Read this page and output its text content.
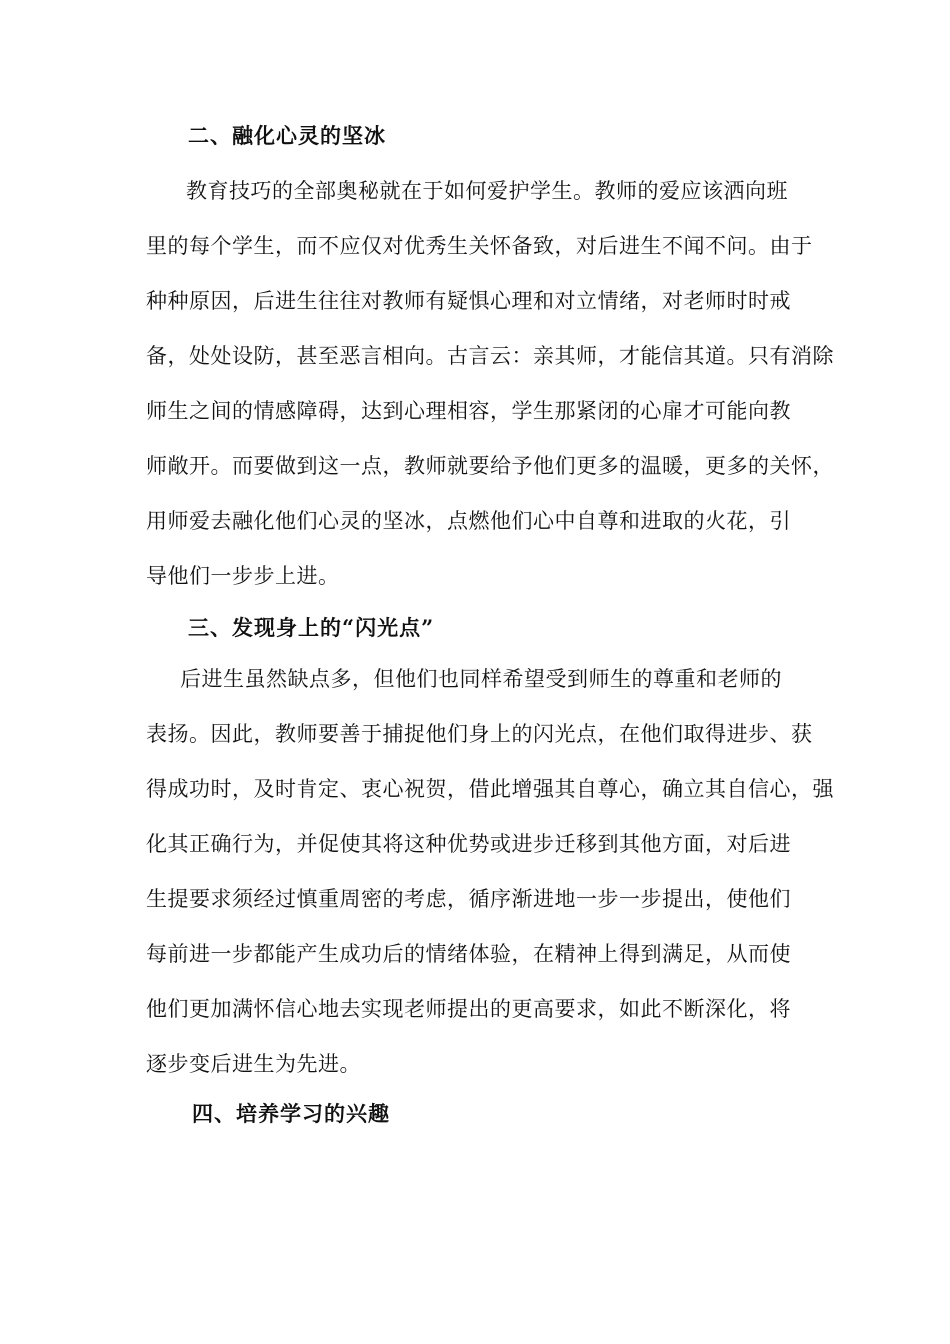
二、融化心灵的坚冰
教育技巧的全部奥秘就在于如何爱护学生。教师的爱应该洒向班
里的每个学生，而不应仅对优秀生关怀备致，对后进生不闻不问。由于
种种原因，后进生往往对教师有疑惧心理和对立情绪，对老师时时戒
备，处处设防，甚至恶言相向。古言云：亲其师，才能信其道。只有消除
师生之间的情感障碍，达到心理相容，学生那紧闭的心扉才可能向教
师敞开。而要做到这一点，教师就要给予他们更多的温暖，更多的关怀，
用师爱去融化他们心灵的坚冰，点燃他们心中自尊和进取的火花，引
导他们一步步上进。
三、发现身上的“闪光点”
后进生虽然缺点多，但他们也同样希望受到师生的尊重和老师的
表扬。因此，教师要善于捕捉他们身上的闪光点，在他们取得进步、获
得成功时，及时肯定、衷心祝贺，借此增强其自尊心，确立其自信心，强
化其正确行为，并促使其将这种优势或进步迁移到其他方面，对后进
生提要求须经过慎重周密的考虑，循序渐进地一步一步提出，使他们
每前进一步都能产生成功后的情绪体验，在精神上得到满足，从而使
他们更加满怀信心地去实现老师提出的更高要求，如此不断深化，将
逐步变后进生为先进。
四、培养学习的兴趣
